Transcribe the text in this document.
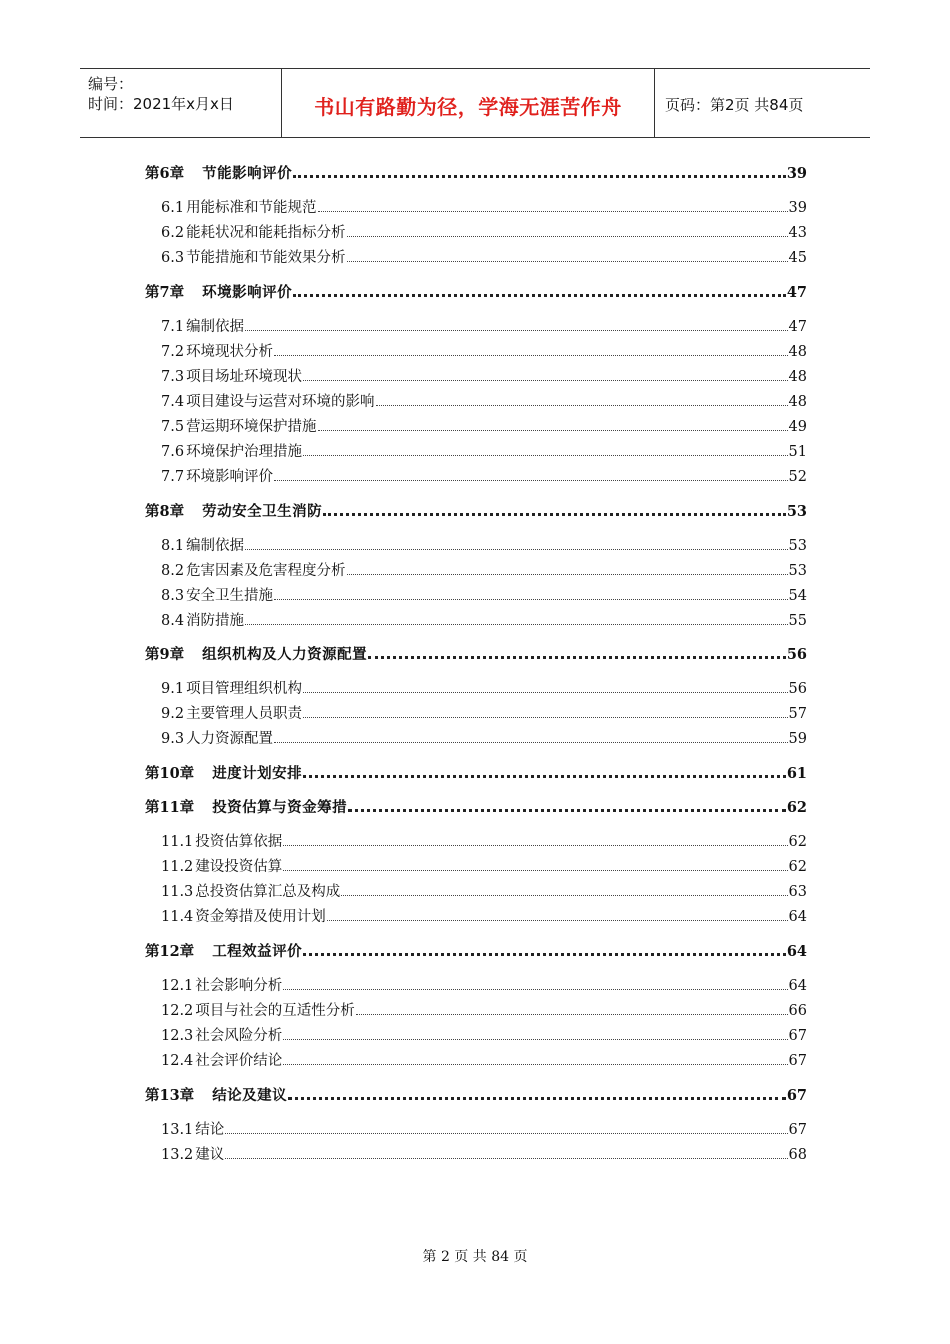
编号：
时间：2021年x月x日	书山有路勤为径，学海无涯苦作舟	页码：第2页 共84页
第6章 节能影响评价	39
6.1 用能标准和节能规范	39
6.2 能耗状况和能耗指标分析	43
6.3 节能措施和节能效果分析	45
第7章 环境影响评价	47
7.1 编制依据	47
7.2 环境现状分析	48
7.3 项目场址环境现状	48
7.4 项目建设与运营对环境的影响	48
7.5 营运期环境保护措施	49
7.6 环境保护治理措施	51
7.7 环境影响评价	52
第8章 劳动安全卫生消防	53
8.1 编制依据	53
8.2 危害因素及危害程度分析	53
8.3 安全卫生措施	54
8.4 消防措施	55
第9章 组织机构及人力资源配置	56
9.1 项目管理组织机构	56
9.2 主要管理人员职责	57
9.3 人力资源配置	59
第10章 进度计划安排	61
第11章 投资估算与资金筹措	62
11.1 投资估算依据	62
11.2 建设投资估算	62
11.3 总投资估算汇总及构成	63
11.4 资金筹措及使用计划	64
第12章 工程效益评价	64
12.1 社会影响分析	64
12.2 项目与社会的互适性分析	66
12.3 社会风险分析	67
12.4 社会评价结论	67
第13章 结论及建议	67
13.1 结论	67
13.2 建议	68
第 2 页 共 84 页
